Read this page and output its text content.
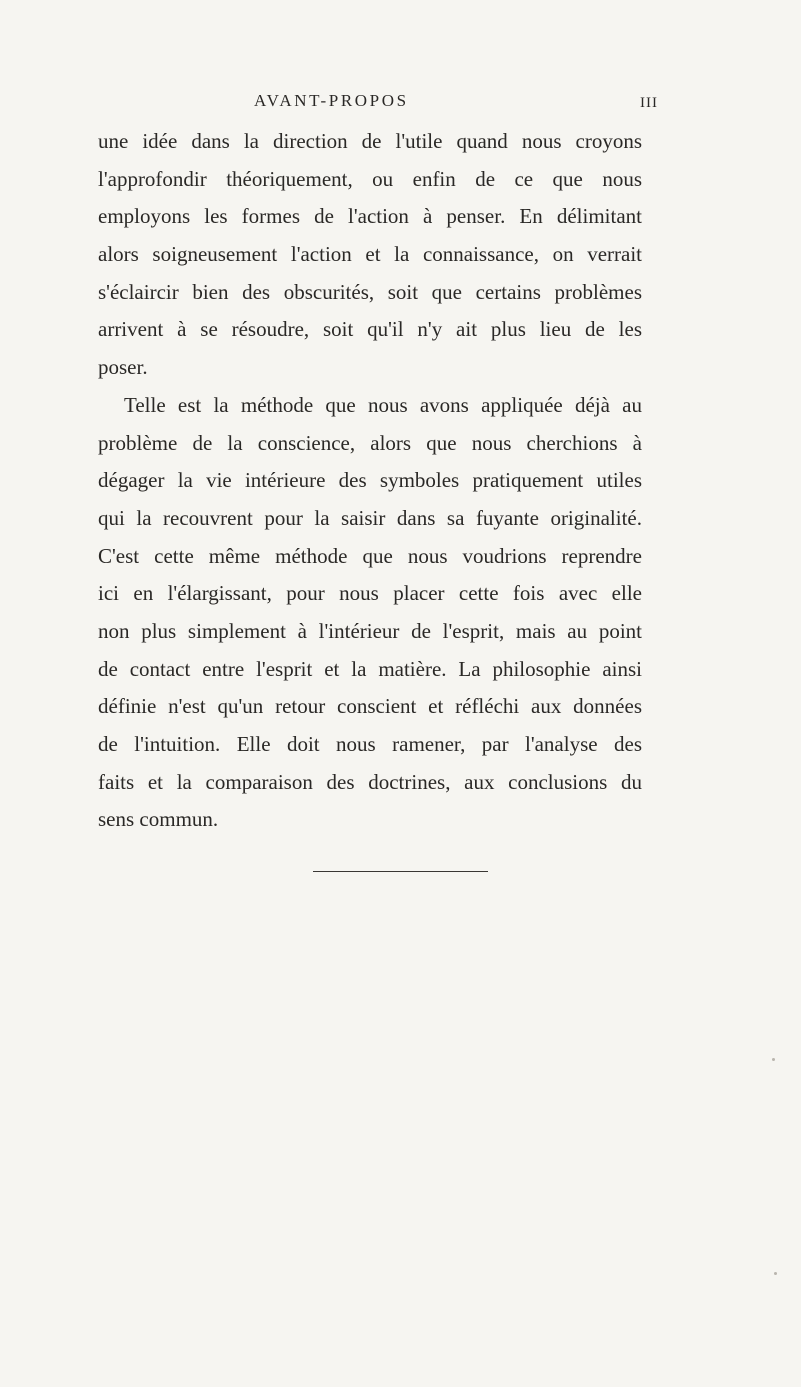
AVANT-PROPOS	III
une idée dans la direction de l'utile quand nous croyons
l'approfondir théoriquement, ou enfin de ce que nous
employons les formes de l'action à penser. En délimitant
alors soigneusement l'action et la connaissance, on verrait
s'éclaircir bien des obscurités, soit que certains problèmes
arrivent à se résoudre, soit qu'il n'y ait plus lieu de les
poser.
Telle est la méthode que nous avons appliquée déjà au
problème de la conscience, alors que nous cherchions à
dégager la vie intérieure des symboles pratiquement utiles
qui la recouvrent pour la saisir dans sa fuyante originalité.
C'est cette même méthode que nous voudrions reprendre
ici en l'élargissant, pour nous placer cette fois avec elle
non plus simplement à l'intérieur de l'esprit, mais au point
de contact entre l'esprit et la matière. La philosophie ainsi
définie n'est qu'un retour conscient et réfléchi aux données
de l'intuition. Elle doit nous ramener, par l'analyse des
faits et la comparaison des doctrines, aux conclusions du
sens commun.
